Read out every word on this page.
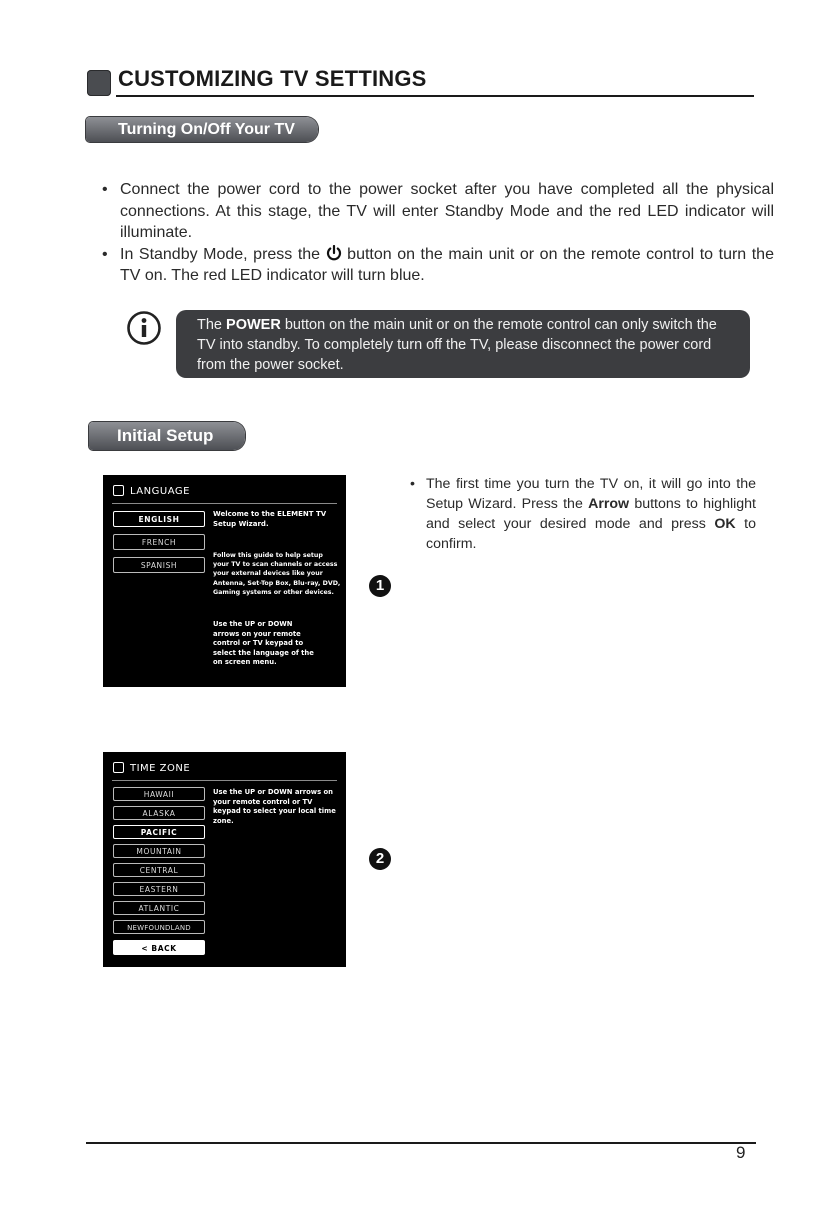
CUSTOMIZING TV SETTINGS
Turning On/Off Your TV
• Connect the power cord to the power socket after you have completed all the physical connections. At this stage, the TV will enter Standby Mode and the red LED indicator will illuminate.
• In Standby Mode, press the button on the main unit or on the remote control to turn the TV on. The red LED indicator will turn blue.
The POWER button on the main unit or on the remote control can only switch the TV into standby. To completely turn off the TV, please disconnect the power cord from the power socket.
Initial Setup
LANGUAGE
ENGLISH
FRENCH
SPANISH
Welcome to the ELEMENT TV Setup Wizard.
Follow this guide to help setup your TV to scan channels or access your external devices like your Antenna, Set-Top Box, Blu-ray, DVD, Gaming systems or other devices.
Use the UP or DOWN arrows on your remote control or TV keypad to select the language of the on screen menu.
1
TIME ZONE
HAWAII
ALASKA
PACIFIC
MOUNTAIN
CENTRAL
EASTERN
ATLANTIC
NEWFOUNDLAND
< BACK
Use the UP or DOWN arrows on your remote control or TV keypad to select your local time zone.
2
• The first time you turn the TV on, it will go into the Setup Wizard. Press the Arrow buttons to highlight and select your desired mode and press OK to confirm.
9
